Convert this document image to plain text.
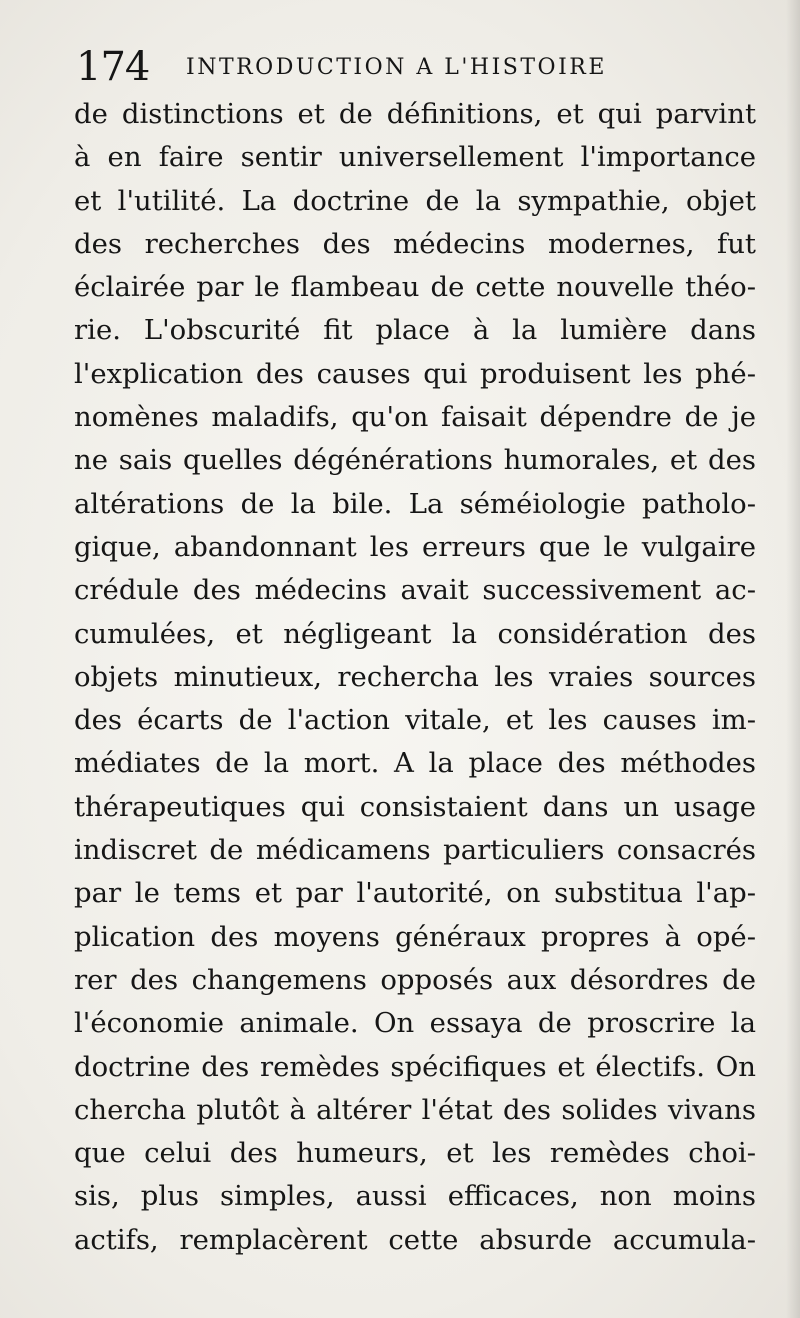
174 INTRODUCTION A L'HISTOIRE
de distinctions et de définitions, et qui parvint
à en faire sentir universellement l'importance
et l'utilité. La doctrine de la sympathie, objet
des recherches des médecins modernes, fut
éclairée par le flambeau de cette nouvelle théo-
rie. L'obscurité fit place à la lumière dans
l'explication des causes qui produisent les phé-
nomènes maladifs, qu'on faisait dépendre de je
ne sais quelles dégénérations humorales, et des
altérations de la bile. La séméiologie patholo-
gique, abandonnant les erreurs que le vulgaire
crédule des médecins avait successivement ac-
cumulées, et négligeant la considération des
objets minutieux, rechercha les vraies sources
des écarts de l'action vitale, et les causes im-
médiates de la mort. A la place des méthodes
thérapeutiques qui consistaient dans un usage
indiscret de médicamens particuliers consacrés
par le tems et par l'autorité, on substitua l'ap-
plication des moyens généraux propres à opé-
rer des changemens opposés aux désordres de
l'économie animale. On essaya de proscrire la
doctrine des remèdes spécifiques et électifs. On
chercha plutôt à altérer l'état des solides vivans
que celui des humeurs, et les remèdes choi-
sis, plus simples, aussi efficaces, non moins
actifs, remplacèrent cette absurde accumula-
